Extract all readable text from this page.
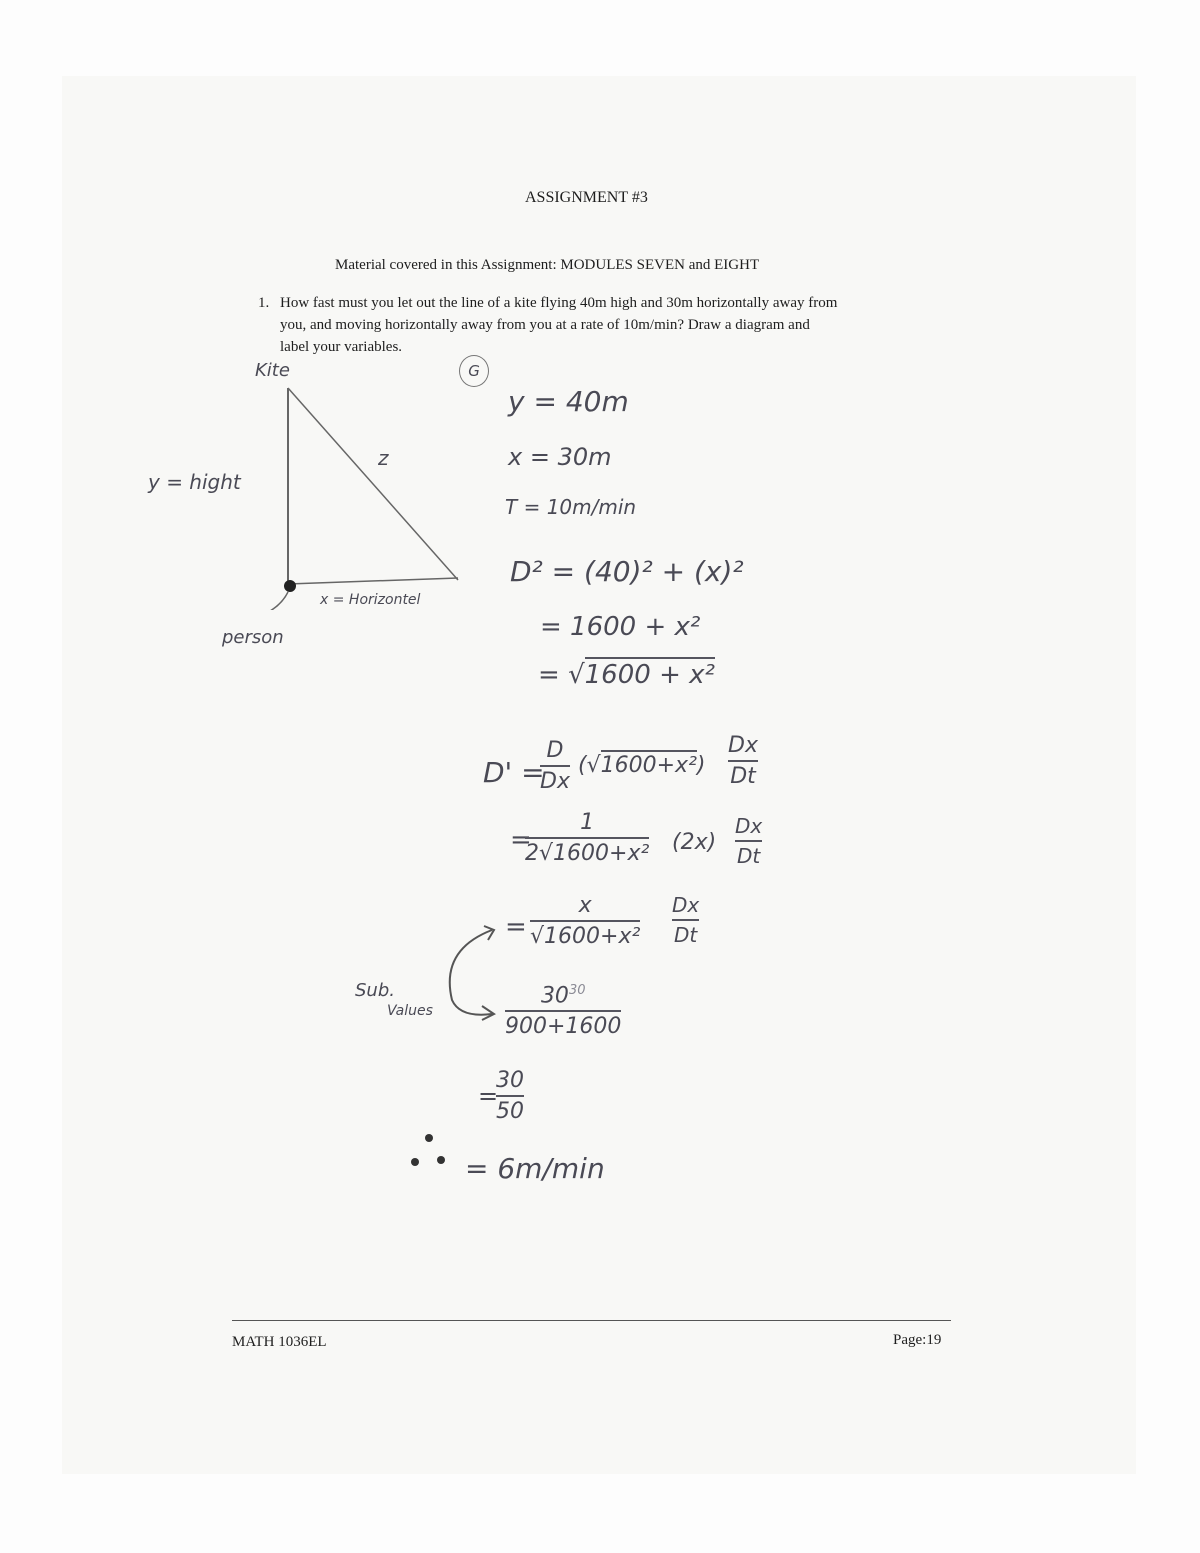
ASSIGNMENT #3
Material covered in this Assignment: MODULES SEVEN and EIGHT
1. How fast must you let out the line of a kite flying 40m high and 30m horizontally away from
you, and moving horizontally away from you at a rate of 10m/min? Draw a diagram and
label your variables.
Kite
z
y = hight
x = Horizontel
person
G
y = 40m
x = 30m
T = 10m/min
D² = (40)² + (x)²
= 1600 + x²
= √1600 + x²
D' =
D
Dx
(√1600+x²)
Dx
Dt
=
1
2√1600+x² (2x)
Dx
Dt
=
x
√1600+x²
Dx
Dt
Sub.
Values
$30^{30}$
900+1600
=
30
50
= 6m/min
MATH 1036EL	Page:19
